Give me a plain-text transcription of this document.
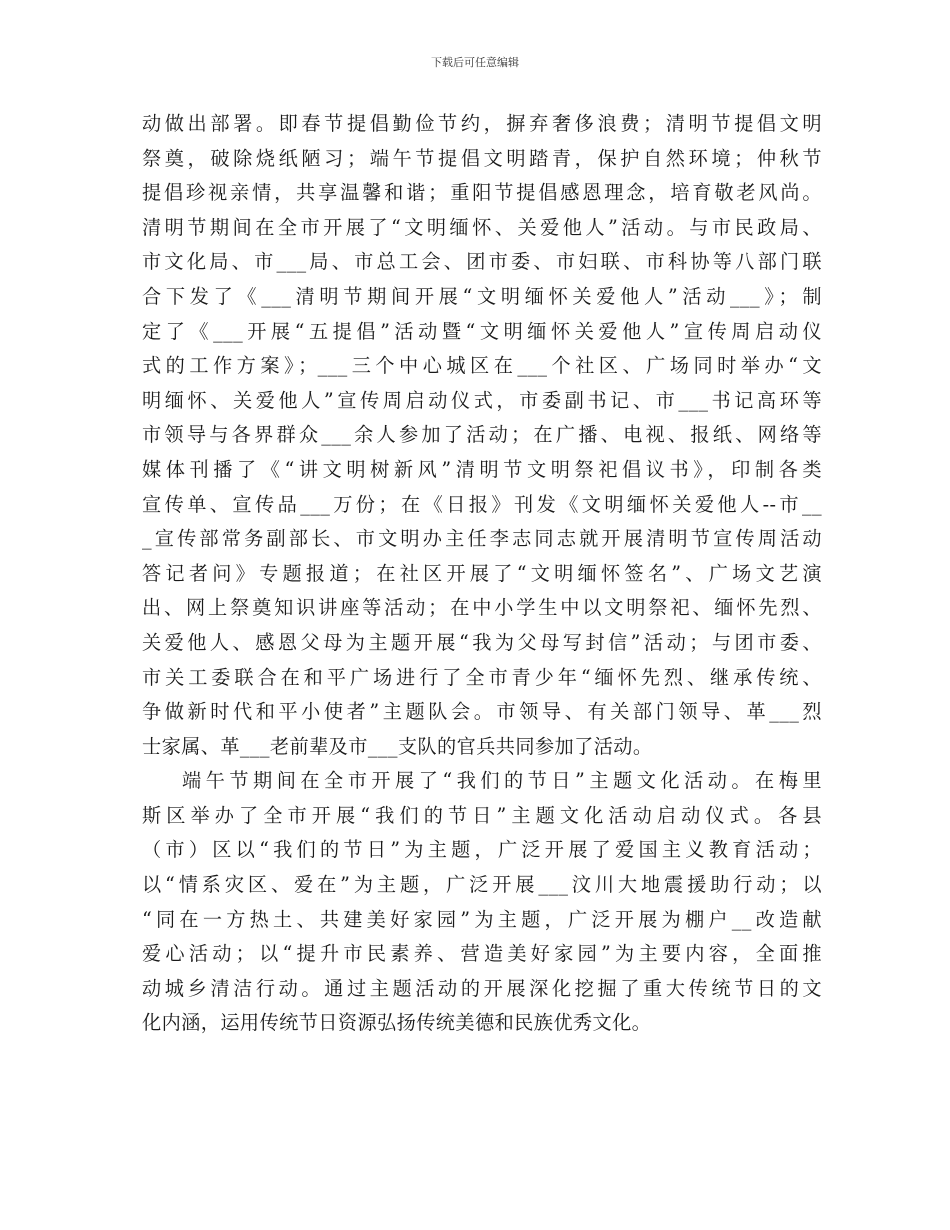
下载后可任意编辑
动做出部署。即春节提倡勤俭节约，摒弃奢侈浪费；清明节提倡文明
祭奠，破除烧纸陋习；端午节提倡文明踏青，保护自然环境；仲秋节
提倡珍视亲情，共享温馨和谐；重阳节提倡感恩理念，培育敬老风尚。
清明节期间在全市开展了“文明缅怀、关爱他人”活动。与市民政局、
市文化局、市___局、市总工会、团市委、市妇联、市科协等八部门联
合下发了《___清明节期间开展“文明缅怀关爱他人”活动___》；制
定了《___开展“五提倡”活动暨“文明缅怀关爱他人”宣传周启动仪
式的工作方案》；___三个中心城区在___个社区、广场同时举办“文
明缅怀、关爱他人”宣传周启动仪式，市委副书记、市___书记高环等
市领导与各界群众___余人参加了活动；在广播、电视、报纸、网络等
媒体刊播了《“讲文明树新风”清明节文明祭祀倡议书》，印制各类
宣传单、宣传品___万份；在《日报》刊发《文明缅怀关爱他人--市__
_宣传部常务副部长、市文明办主任李志同志就开展清明节宣传周活动
答记者问》专题报道；在社区开展了“文明缅怀签名”、广场文艺演
出、网上祭奠知识讲座等活动；在中小学生中以文明祭祀、缅怀先烈、
关爱他人、感恩父母为主题开展“我为父母写封信”活动；与团市委、
市关工委联合在和平广场进行了全市青少年“缅怀先烈、继承传统、
争做新时代和平小使者”主题队会。市领导、有关部门领导、革___烈
士家属、革___老前辈及市___支队的官兵共同参加了活动。
端午节期间在全市开展了“我们的节日”主题文化活动。在梅里
斯区举办了全市开展“我们的节日”主题文化活动启动仪式。各县
（市）区以“我们的节日”为主题，广泛开展了爱国主义教育活动；
以“情系灾区、爱在”为主题，广泛开展___汶川大地震援助行动；以
“同在一方热土、共建美好家园”为主题，广泛开展为棚户__改造献
爱心活动；以“提升市民素养、营造美好家园”为主要内容，全面推
动城乡清洁行动。通过主题活动的开展深化挖掘了重大传统节日的文
化内涵，运用传统节日资源弘扬传统美德和民族优秀文化。
